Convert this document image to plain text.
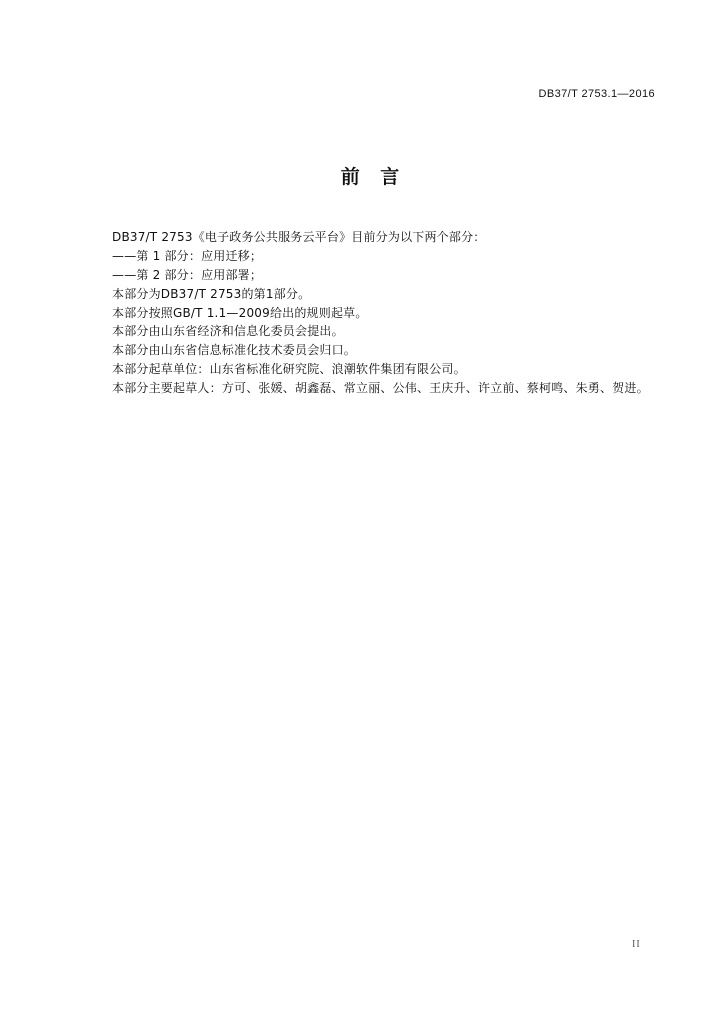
DB37/T 2753.1—2016
前 言
DB37/T 2753《电子政务公共服务云平台》目前分为以下两个部分：
——第 1 部分：应用迁移；
——第 2 部分：应用部署；
本部分为DB37/T 2753的第1部分。
本部分按照GB/T 1.1—2009给出的规则起草。
本部分由山东省经济和信息化委员会提出。
本部分由山东省信息标准化技术委员会归口。
本部分起草单位：山东省标准化研究院、浪潮软件集团有限公司。
本部分主要起草人：方可、张媛、胡鑫磊、常立丽、公伟、王庆升、许立前、蔡柯鸣、朱勇、贺进。
II
